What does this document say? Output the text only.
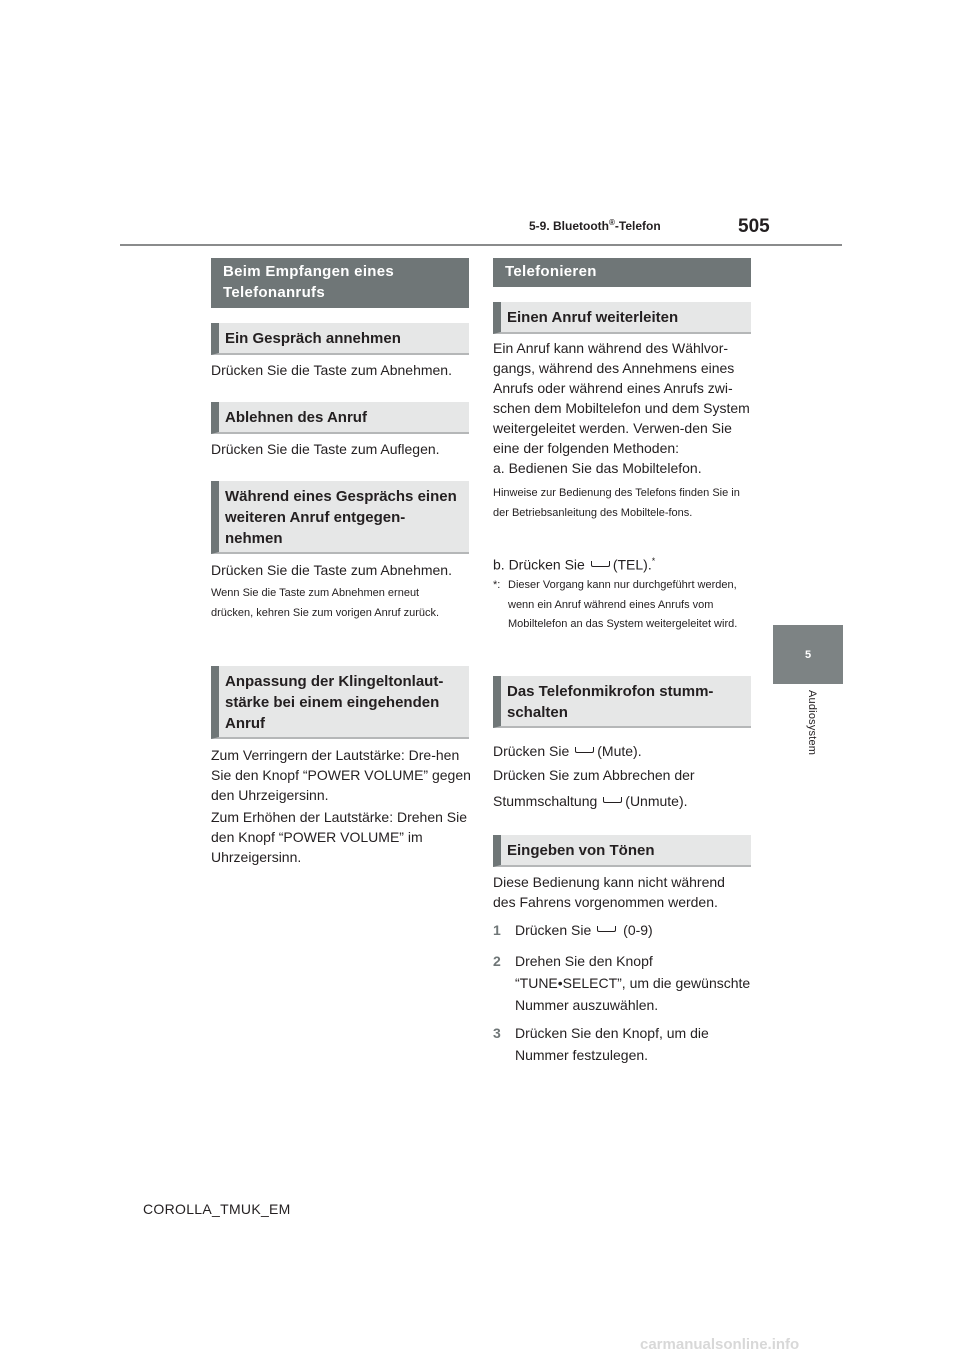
5-9. Bluetooth®-Telefon	505
5
Audiosystem
Beim Empfangen eines Telefonanrufs
Ein Gespräch annehmen
Drücken Sie die Taste zum Abnehmen.
Ablehnen des Anruf
Drücken Sie die Taste zum Auflegen.
Während eines Gesprächs einen weiteren Anruf entgegen-nehmen
Drücken Sie die Taste zum Abnehmen.
Wenn Sie die Taste zum Abnehmen erneut drücken, kehren Sie zum vorigen Anruf zurück.
Anpassung der Klingeltonlaut-stärke bei einem eingehenden Anruf
Zum Verringern der Lautstärke: Dre-hen Sie den Knopf “POWER VOLUME” gegen den Uhrzeigersinn.
Zum Erhöhen der Lautstärke: Drehen Sie den Knopf “POWER VOLUME” im Uhrzeigersinn.
Telefonieren
Einen Anruf weiterleiten
Ein Anruf kann während des Wählvor-gangs, während des Annehmens eines Anrufs oder während eines Anrufs zwi-schen dem Mobiltelefon und dem System weitergeleitet werden. Verwen-den Sie eine der folgenden Methoden:
a. Bedienen Sie das Mobiltelefon.
Hinweise zur Bedienung des Telefons finden Sie in der Betriebsanleitung des Mobiltele-fons.
b. Drücken Sie (TEL).*
*: Dieser Vorgang kann nur durchgeführt werden, wenn ein Anruf während eines Anrufs vom Mobiltelefon an das System weitergeleitet wird.
Das Telefonmikrofon stumm-schalten
Drücken Sie (Mute).
Drücken Sie zum Abbrechen der
Stummschaltung (Unmute).
Eingeben von Tönen
Diese Bedienung kann nicht während des Fahrens vorgenommen werden.
1 Drücken Sie (0-9)
2	Drehen Sie den Knopf “TUNE•SELECT”, um die gewünschte Nummer auszuwählen.
3	Drücken Sie den Knopf, um die Nummer festzulegen.
COROLLA_TMUK_EM
carmanualsonline.info
